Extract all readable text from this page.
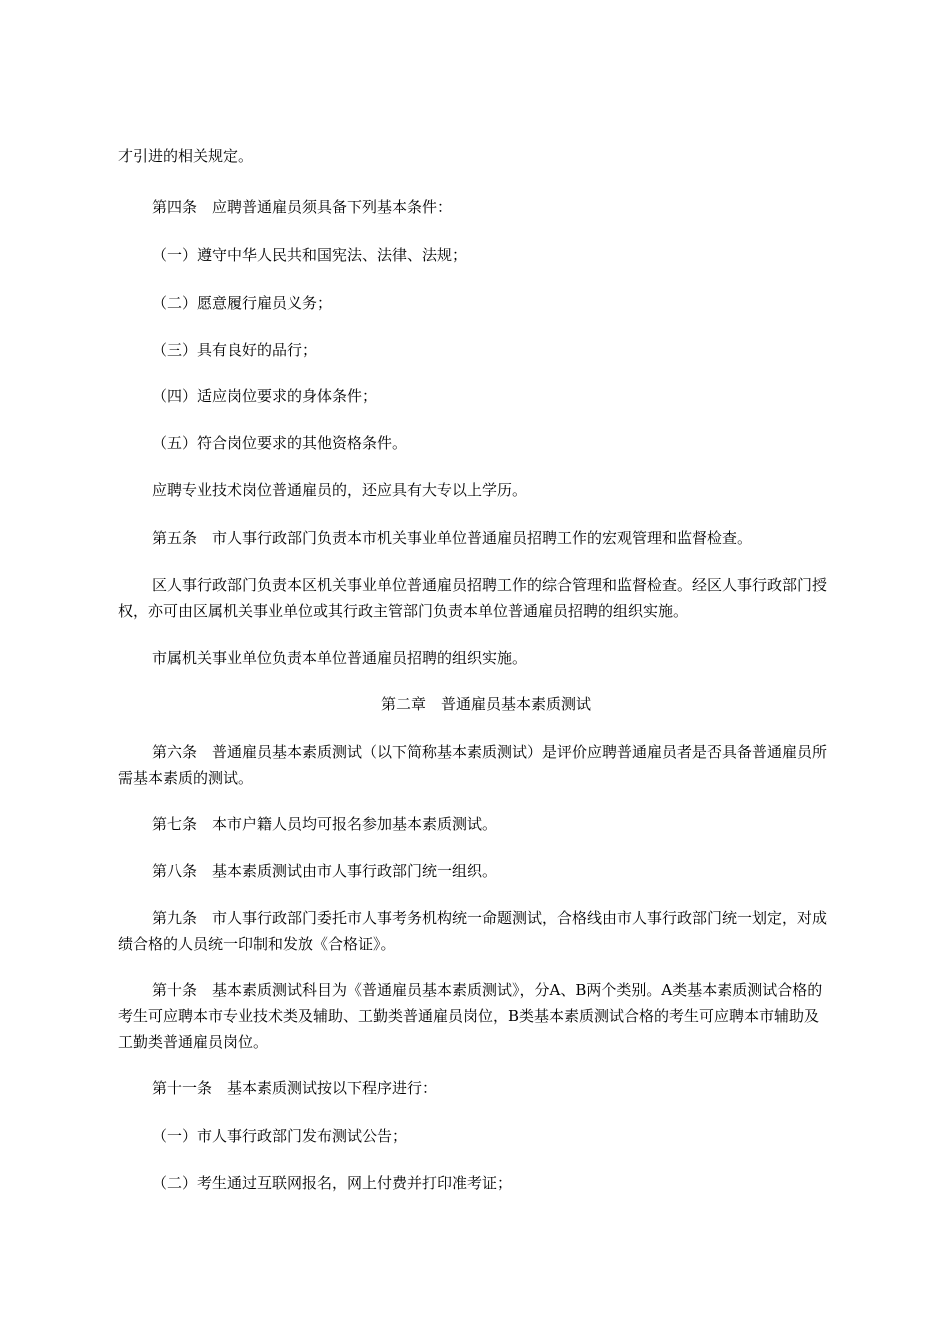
才引进的相关规定。

第四条　应聘普通雇员须具备下列基本条件：

（一）遵守中华人民共和国宪法、法律、法规；

（二）愿意履行雇员义务；

（三）具有良好的品行；

（四）适应岗位要求的身体条件；

（五）符合岗位要求的其他资格条件。

应聘专业技术岗位普通雇员的，还应具有大专以上学历。

第五条　市人事行政部门负责本市机关事业单位普通雇员招聘工作的宏观管理和监督检查。

区人事行政部门负责本区机关事业单位普通雇员招聘工作的综合管理和监督检查。经区人事行政部门授权，亦可由区属机关事业单位或其行政主管部门负责本单位普通雇员招聘的组织实施。

市属机关事业单位负责本单位普通雇员招聘的组织实施。

第二章　普通雇员基本素质测试

第六条　普通雇员基本素质测试（以下简称基本素质测试）是评价应聘普通雇员者是否具备普通雇员所需基本素质的测试。

第七条　本市户籍人员均可报名参加基本素质测试。

第八条　基本素质测试由市人事行政部门统一组织。

第九条　市人事行政部门委托市人事考务机构统一命题测试，合格线由市人事行政部门统一划定，对成绩合格的人员统一印制和发放《合格证》。

第十条　基本素质测试科目为《普通雇员基本素质测试》，分A、B两个类别。A类基本素质测试合格的考生可应聘本市专业技术类及辅助、工勤类普通雇员岗位，B类基本素质测试合格的考生可应聘本市辅助及工勤类普通雇员岗位。

第十一条　基本素质测试按以下程序进行：

（一）市人事行政部门发布测试公告；

（二）考生通过互联网报名，网上付费并打印准考证；
